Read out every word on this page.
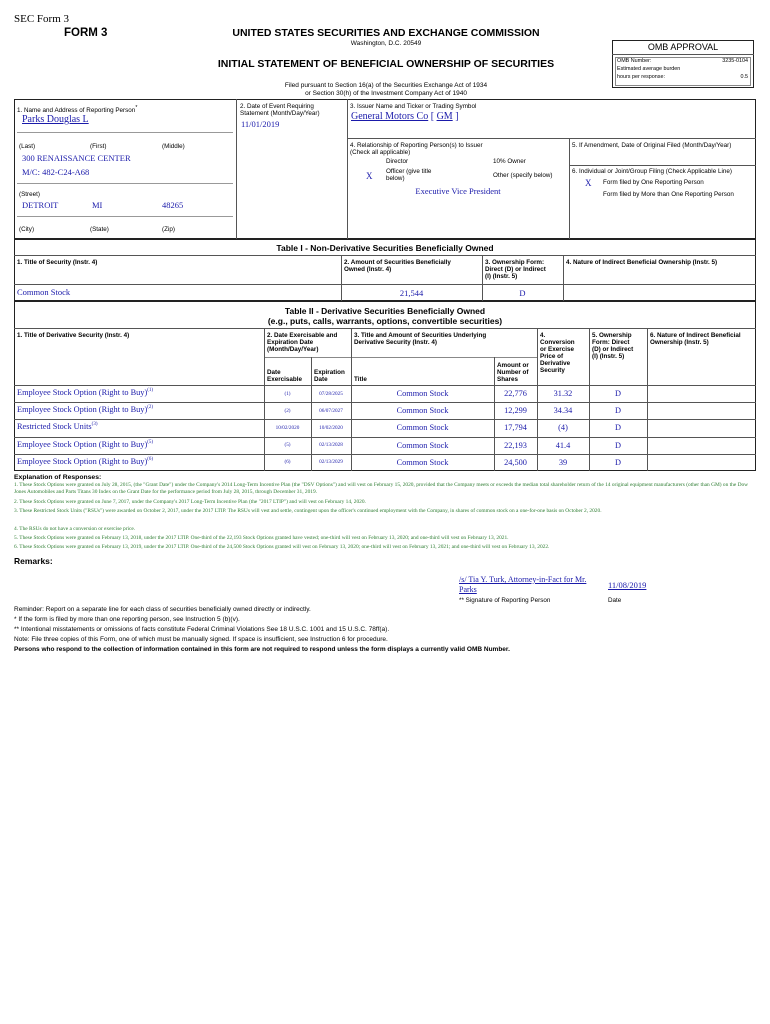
SEC Form 3
FORM 3	UNITED STATES SECURITIES AND EXCHANGE COMMISSION
Washington, D.C. 20549
INITIAL STATEMENT OF BENEFICIAL OWNERSHIP OF SECURITIES
Filed pursuant to Section 16(a) of the Securities Exchange Act of 1934
or Section 30(h) of the Investment Company Act of 1940
OMB APPROVAL
OMB Number:	3235-0104
Estimated average burden
hours per response:	0.5
1. Name and Address of Reporting Person*
Parks Douglas L
(Last)	(First)	(Middle)
300 RENAISSANCE CENTER
M/C: 482-C24-A68
(Street)
DETROIT	MI	48265
(City)	(State)	(Zip)
2. Date of Event Requiring
Statement (Month/Day/Year)
11/01/2019
3. Issuer Name and Ticker or Trading Symbol
General Motors Co [ GM ]
4. Relationship of Reporting Person(s) to Issuer
(Check all applicable)
Director	10% Owner
X Officer (give title
below)	Other (specify below)
Executive Vice President
5. If Amendment, Date of Original Filed (Month/Day/Year)
6. Individual or Joint/Group Filing (Check Applicable Line)
X Form filed by One Reporting Person
Form filed by More than One Reporting Person
Table I - Non-Derivative Securities Beneficially Owned
1. Title of Security (Instr. 4)	2. Amount of Securities Beneficially
Owned (Instr. 4)
3. Ownership Form:
Direct (D) or Indirect
(I) (Instr. 5)
4. Nature of Indirect Beneficial Ownership (Instr. 5)
Common Stock	21,544	D
Table II - Derivative Securities Beneficially Owned
(e.g., puts, calls, warrants, options, convertible securities)
1. Title of Derivative Security (Instr. 4)	2. Date Exercisable and
Expiration Date
(Month/Day/Year)
3. Title and Amount of Securities Underlying
Derivative Security (Instr. 4)
4.
Conversion
or Exercise
Price of
Derivative
Security
5. Ownership
Form: Direct
(D) or Indirect
(I) (Instr. 5)
6. Nature of Indirect Beneficial
Ownership (Instr. 5)
Date
Exercisable
Expiration
Date	Title
Amount or
Number of
Shares
Employee Stock Option (Right to Buy)$^{(1)}$	(1)	07/28/2025	Common Stock	22,776	31.32	D
Employee Stock Option (Right to Buy)$^{(2)}$	(2)	06/07/2027	Common Stock	12,299	34.34	D
Restricted Stock Units$^{(3)}$	10/02/2020	10/02/2020	Common Stock	17,794	(4)	D
Employee Stock Option (Right to Buy)$^{(5)}$	(5)	02/13/2028	Common Stock	22,193	41.4	D
Employee Stock Option (Right to Buy)$^{(6)}$	(6)	02/13/2029	Common Stock	24,500	39	D
Explanation of Responses:
1. These Stock Options were granted on July 28, 2015, (the "Grant Date") under the Company's 2014 Long-Term Incentive Plan (the "DSV Options") and will vest on February 15, 2020, provided that the Company meets or exceeds the median total shareholder return of the 14 original equipment manufacturers (other than GM) on the Dow Jones Automobiles and Parts Titans 30 Index on the Grant Date for the performance period from July 28, 2015, through December 31, 2019.
2. These Stock Options were granted on June 7, 2017, under the Company's 2017 Long-Term Incentive Plan (the "2017 LTIP") and will vest on February 14, 2020.
3. These Restricted Stock Units ("RSUs") were awarded on October 2, 2017, under the 2017 LTIP. The RSUs will vest and settle, contingent upon the officer's continued employment with the Company, in shares of common stock on a one-for-one basis on October 2, 2020.
4. The RSUs do not have a conversion or exercise price.
5. These Stock Options were granted on February 13, 2018, under the 2017 LTIP. One-third of the 22,193 Stock Options granted have vested; one-third will vest on February 13, 2020; and one-third will vest on February 13, 2021.
6. These Stock Options were granted on February 13, 2019, under the 2017 LTIP. One-third of the 24,500 Stock Options granted will vest on February 13, 2020; one-third will vest on February 13, 2021; and one-third will vest on February 13, 2022.
Remarks:
/s/ Tia Y. Turk, Attorney-in-Fact for Mr.
Parks	11/08/2019
** Signature of Reporting Person	Date
Reminder: Report on a separate line for each class of securities beneficially owned directly or indirectly.
* If the form is filed by more than one reporting person, see Instruction 5 (b)(v).
** Intentional misstatements or omissions of facts constitute Federal Criminal Violations See 18 U.S.C. 1001 and 15 U.S.C. 78ff(a).
Note: File three copies of this Form, one of which must be manually signed. If space is insufficient, see Instruction 6 for procedure.
Persons who respond to the collection of information contained in this form are not required to respond unless the form displays a currently valid OMB Number.
